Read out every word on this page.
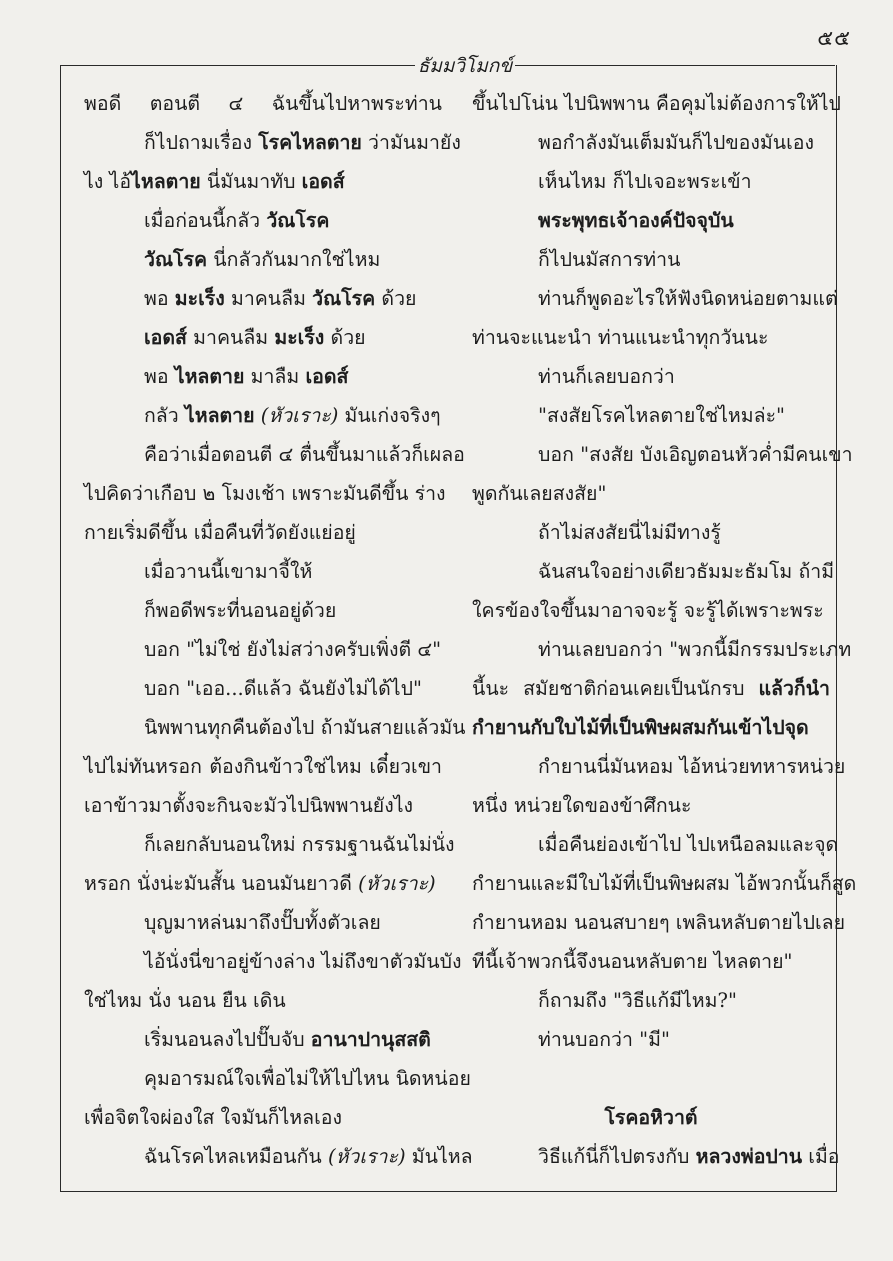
๕๕
ธัมมวิโมกข์
พอดี ตอนตี ๔ ฉันขึ้นไปหาพระท่าน
ก็ไปถามเรื่อง โรคไหลตาย ว่ามันมายัง
ไง ไอ้ไหลตาย นี่มันมาทับ เอดส์
เมื่อก่อนนี้กลัว วัณโรค
วัณโรค นี่กลัวกันมากใช่ไหม
พอ มะเร็ง มาคนลืม วัณโรค ด้วย
เอดส์ มาคนลืม มะเร็ง ด้วย
พอ ไหลตาย มาลืม เอดส์
กลัว ไหลตาย (หัวเราะ) มันเก่งจริงๆ
คือว่าเมื่อตอนตี ๔ ตื่นขึ้นมาแล้วก็เผลอ
ไปคิดว่าเกือบ ๒ โมงเช้า เพราะมันดีขึ้น ร่าง
กายเริ่มดีขึ้น เมื่อคืนที่วัดยังแย่อยู่
เมื่อวานนี้เขามาจี้ให้
ก็พอดีพระที่นอนอยู่ด้วย
บอก "ไม่ใช่ ยังไม่สว่างครับเพิ่งตี ๔"
บอก "เออ...ดีแล้ว ฉันยังไม่ได้ไป"
นิพพานทุกคืนต้องไป ถ้ามันสายแล้วมัน
ไปไม่ทันหรอก ต้องกินข้าวใช่ไหม เดี๋ยวเขา
เอาข้าวมาตั้งจะกินจะมัวไปนิพพานยังไง
ก็เลยกลับนอนใหม่ กรรมฐานฉันไม่นั่ง
หรอก นั่งน่ะมันสั้น นอนมันยาวดี (หัวเราะ)
บุญมาหล่นมาถึงปั๊บทั้งตัวเลย
ไอ้นั่งนี่ขาอยู่ข้างล่าง ไม่ถึงขาตัวมันบัง
ใช่ไหม นั่ง นอน ยืน เดิน
เริ่มนอนลงไปปั๊บจับ อานาปานุสสติ
คุมอารมณ์ใจเพื่อไม่ให้ไปไหน นิดหน่อย
เพื่อจิตใจผ่องใส ใจมันก็ไหลเอง
ฉันโรคไหลเหมือนกัน (หัวเราะ) มันไหล
ขึ้นไปโน่น ไปนิพพาน คือคุมไม่ต้องการให้ไป
พอกำลังมันเต็มมันก็ไปของมันเอง
เห็นไหม ก็ไปเจอะพระเข้า
พระพุทธเจ้าองค์ปัจจุบัน
ก็ไปนมัสการท่าน
ท่านก็พูดอะไรให้ฟังนิดหน่อยตามแต่
ท่านจะแนะนำ ท่านแนะนำทุกวันนะ
ท่านก็เลยบอกว่า
"สงสัยโรคไหลตายใช่ไหมล่ะ"
บอก "สงสัย บังเอิญตอนหัวค่ำมีคนเขา
พูดกันเลยสงสัย"
ถ้าไม่สงสัยนี่ไม่มีทางรู้
ฉันสนใจอย่างเดียวธัมมะธัมโม ถ้ามี
ใครข้องใจขึ้นมาอาจจะรู้ จะรู้ได้เพราะพระ
ท่านเลยบอกว่า "พวกนี้มีกรรมประเภท
นี้นะ สมัยชาติก่อนเคยเป็นนักรบ แล้วก็นำ
กำยานกับใบไม้ที่เป็นพิษผสมกันเข้าไปจุด
กำยานนี่มันหอม ไอ้หน่วยทหารหน่วย
หนึ่ง หน่วยใดของข้าศึกนะ
เมื่อคืนย่องเข้าไป ไปเหนือลมและจุด
กำยานและมีใบไม้ที่เป็นพิษผสม ไอ้พวกนั้นก็สูด
กำยานหอม นอนสบายๆ เพลินหลับตายไปเลย
ทีนี้เจ้าพวกนี้จึงนอนหลับตาย ไหลตาย"
ก็ถามถึง "วิธีแก้มีไหม?"
ท่านบอกว่า "มี"

โรคอหิวาต์
วิธีแก้นี่ก็ไปตรงกับ หลวงพ่อปาน เมื่อ
